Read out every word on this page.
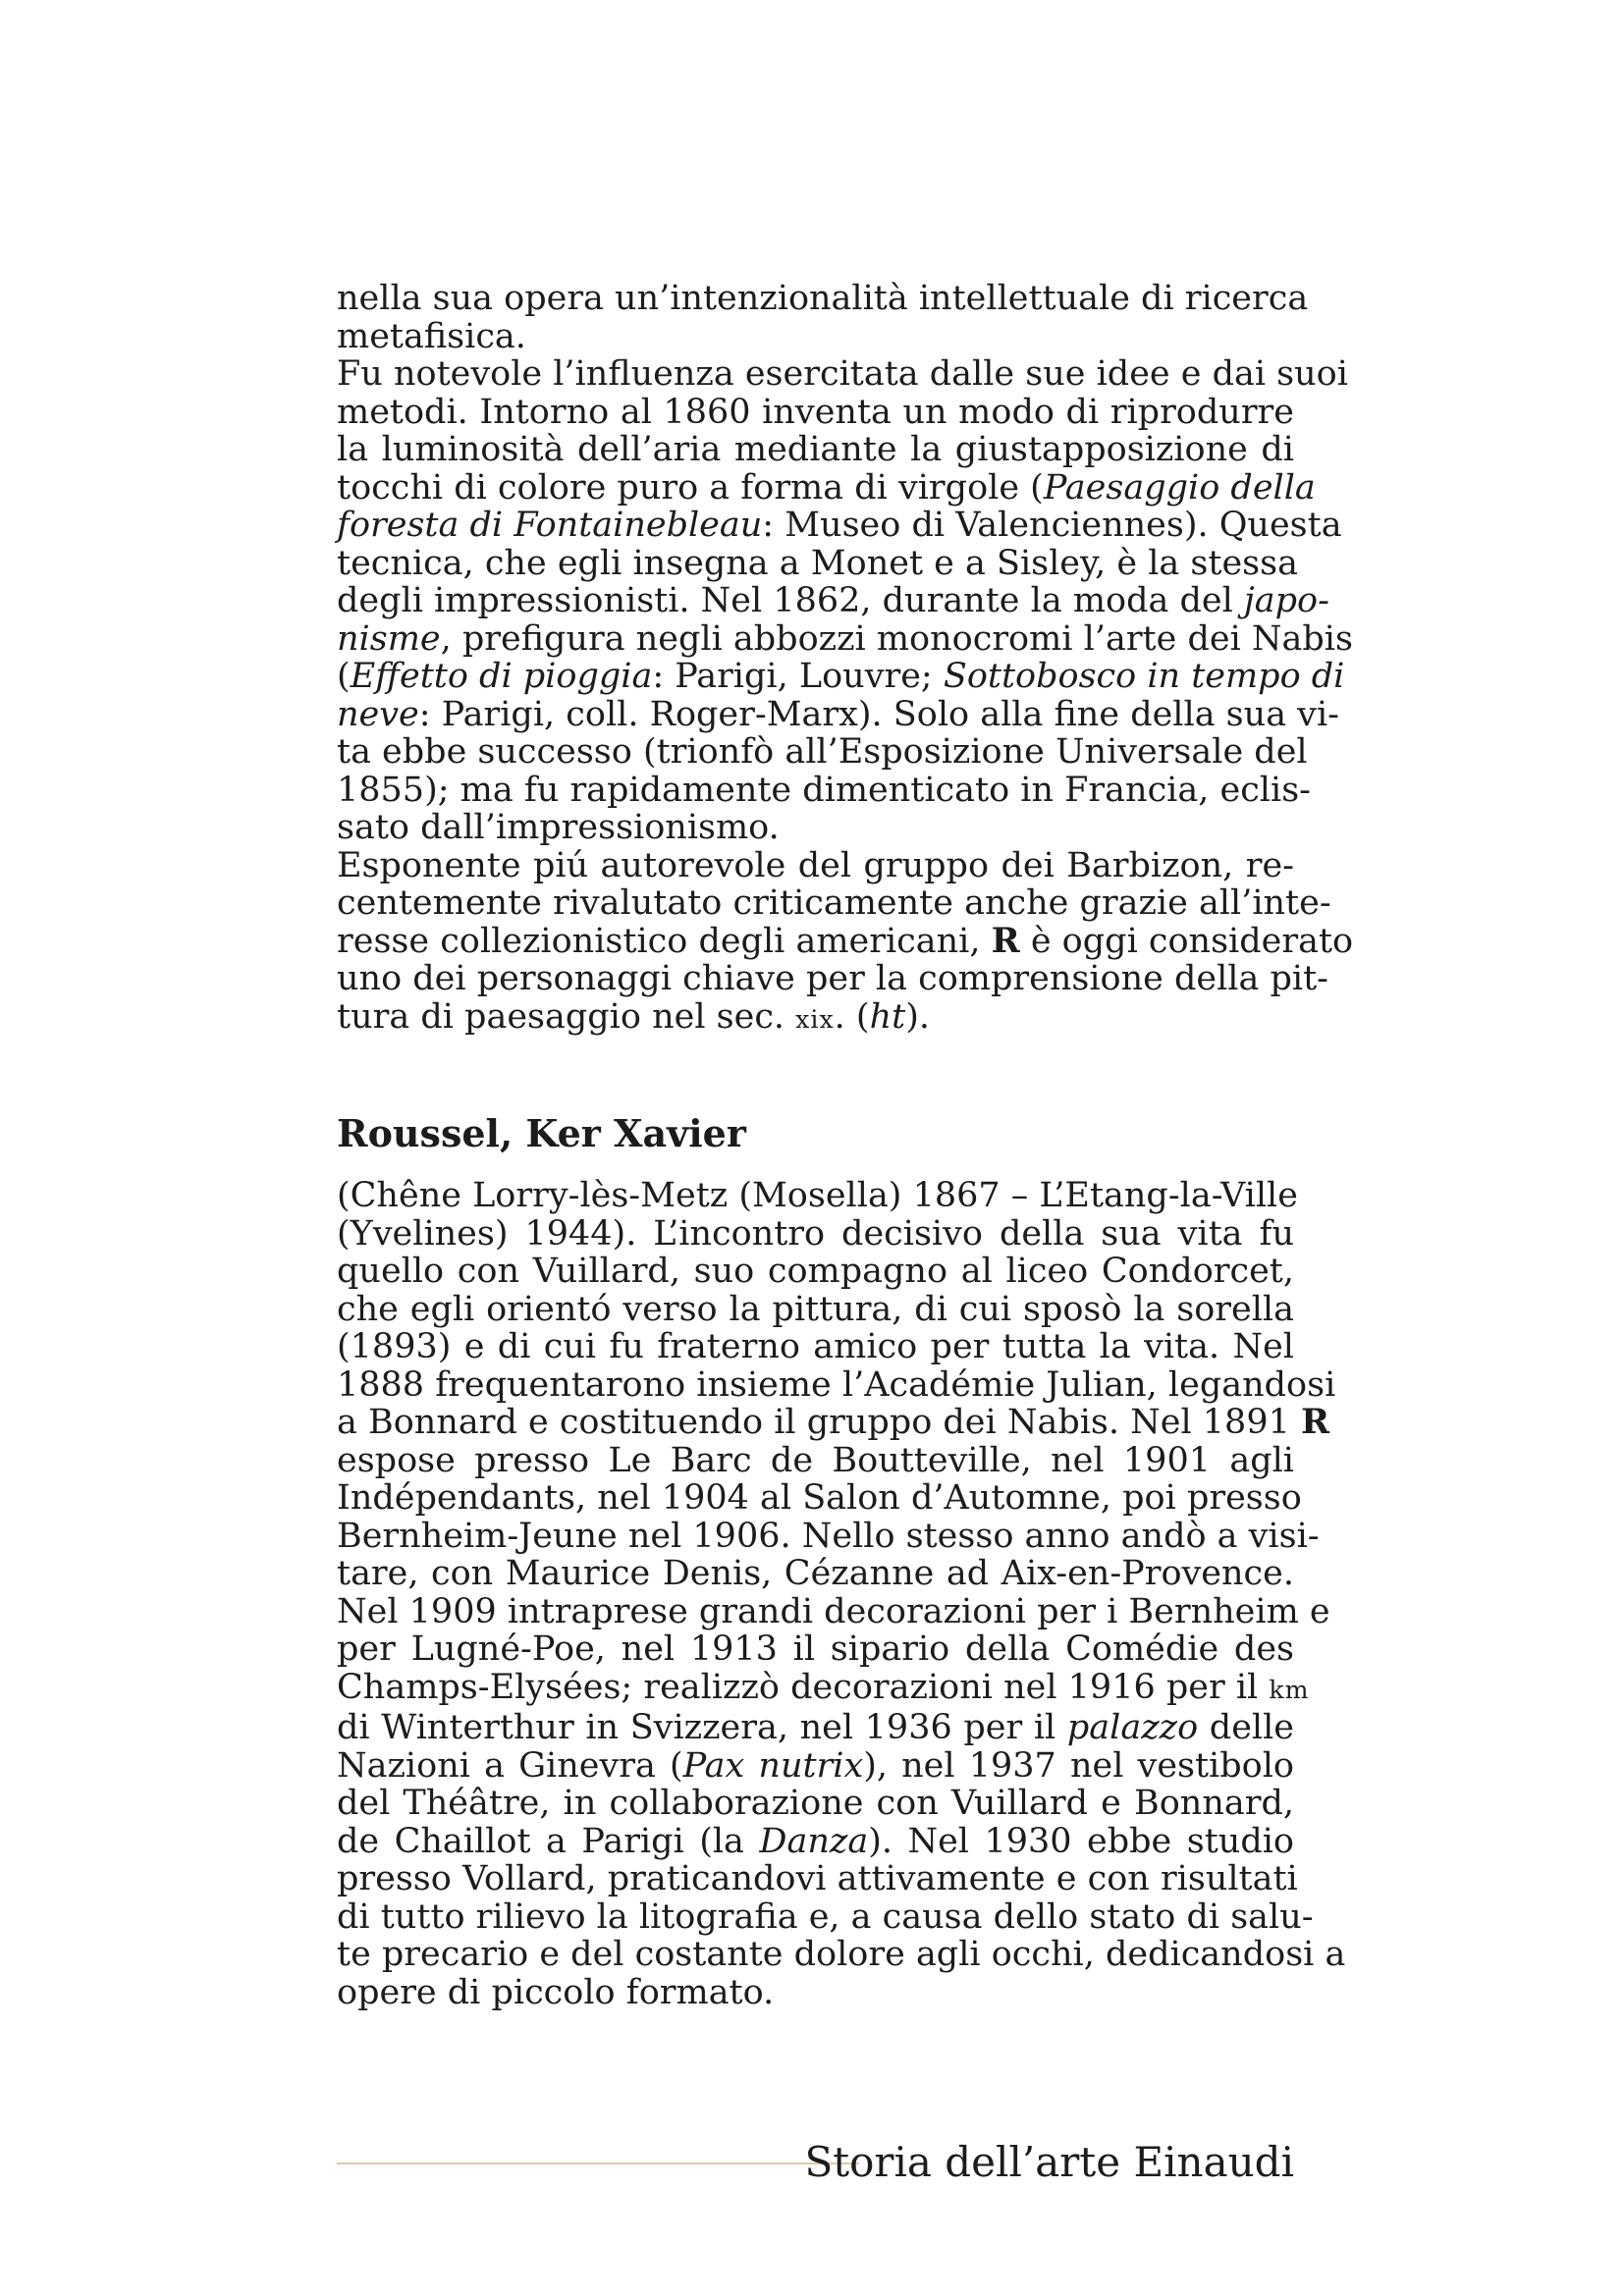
nella sua opera un’intenzionalità intellettuale di ricerca
metafisica.

Fu notevole l’influenza esercitata dalle sue idee e dai suoi
metodi. Intorno al 1860 inventa un modo di riprodurre
la luminosità dell’aria mediante la giustapposizione di
tocchi di colore puro a forma di virgole (Paesaggio della
foresta di Fontainebleau: Museo di Valenciennes). Questa
tecnica, che egli insegna a Monet e a Sisley, è la stessa
degli impressionisti. Nel 1862, durante la moda del japo-
nisme, prefigura negli abbozzi monocromi l’arte dei Nabis
(Effetto di pioggia: Parigi, Louvre; Sottobosco in tempo di
neve: Parigi, coll. Roger-Marx). Solo alla fine della sua vi-
ta ebbe successo (trionfò all’Esposizione Universale del
1855); ma fu rapidamente dimenticato in Francia, eclis-
sato dall’impressionismo.

Esponente piú autorevole del gruppo dei Barbizon, re-
centemente rivalutato criticamente anche grazie all’inte-
resse collezionistico degli americani, R è oggi considerato
uno dei personaggi chiave per la comprensione della pit-
tura di paesaggio nel sec. xix. (ht).

Roussel, Ker Xavier

(Chêne Lorry-lès-Metz (Mosella) 1867 – L’Etang-la-Ville
(Yvelines) 1944). L’incontro decisivo della sua vita fu
quello con Vuillard, suo compagno al liceo Condorcet,
che egli orientó verso la pittura, di cui sposò la sorella
(1893) e di cui fu fraterno amico per tutta la vita. Nel
1888 frequentarono insieme l’Académie Julian, legandosi
a Bonnard e costituendo il gruppo dei Nabis. Nel 1891 R
espose presso Le Barc de Boutteville, nel 1901 agli
Indépendants, nel 1904 al Salon d’Automne, poi presso
Bernheim-Jeune nel 1906. Nello stesso anno andò a visi-
tare, con Maurice Denis, Cézanne ad Aix-en-Provence.
Nel 1909 intraprese grandi decorazioni per i Bernheim e
per Lugné-Poe, nel 1913 il sipario della Comédie des
Champs-Elysées; realizzò decorazioni nel 1916 per il km
di Winterthur in Svizzera, nel 1936 per il palazzo delle
Nazioni a Ginevra (Pax nutrix), nel 1937 nel vestibolo
del Théâtre, in collaborazione con Vuillard e Bonnard,
de Chaillot a Parigi (la Danza). Nel 1930 ebbe studio
presso Vollard, praticandovi attivamente e con risultati
di tutto rilievo la litografia e, a causa dello stato di salu-
te precario e del costante dolore agli occhi, dedicandosi a
opere di piccolo formato.

Storia dell’arte Einaudi
